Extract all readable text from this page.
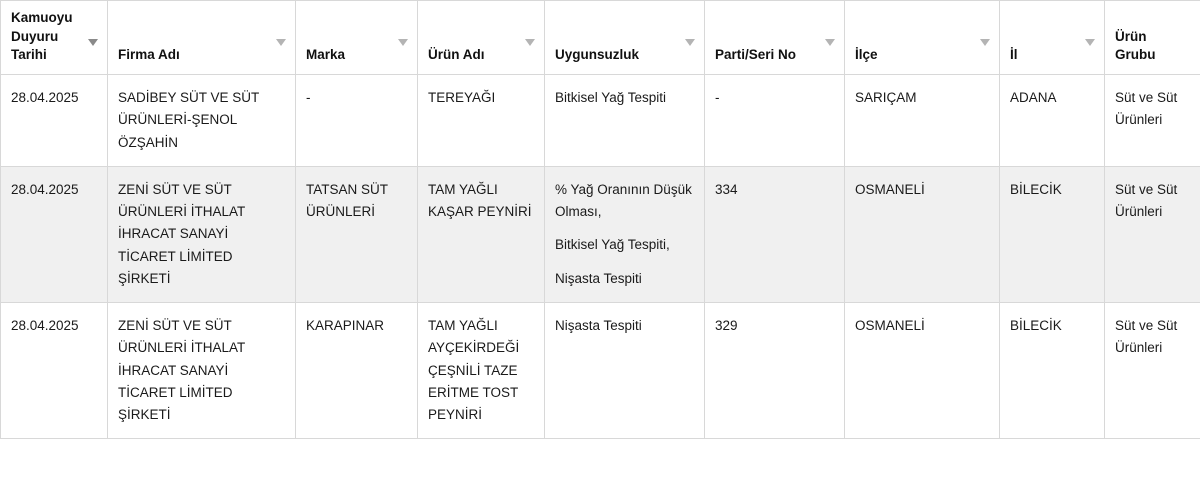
Kamuoyu Duyuru Tarihi	Firma Adı	Marka	Ürün Adı	Uygunsuzluk	Parti/Seri No	İlçe	İl	Ürün Grubu

28.04.2025	SADİBEY SÜT VE SÜT ÜRÜNLERİ-ŞENOL ÖZŞAHİN	-	TEREYAĞI	Bitkisel Yağ Tespiti	-	SARIÇAM	ADANA	Süt ve Süt Ürünleri
28.04.2025	ZENİ SÜT VE SÜT ÜRÜNLERİ İTHALAT İHRACAT SANAYİ TİCARET LİMİTED ŞİRKETİ	TATSAN SÜT ÜRÜNLERİ	TAM YAĞLI KAŞAR PEYNİRİ	% Yağ Oranının Düşük Olması,
Bitkisel Yağ Tespiti,
Nişasta Tespiti	334	OSMANELİ	BİLECİK	Süt ve Süt Ürünleri
28.04.2025	ZENİ SÜT VE SÜT ÜRÜNLERİ İTHALAT İHRACAT SANAYİ TİCARET LİMİTED ŞİRKETİ	KARAPINAR	TAM YAĞLI AYÇEKİRDEĞİ ÇEŞNİLİ TAZE ERİTME TOST PEYNİRİ	Nişasta Tespiti	329	OSMANELİ	BİLECİK	Süt ve Süt Ürünleri
